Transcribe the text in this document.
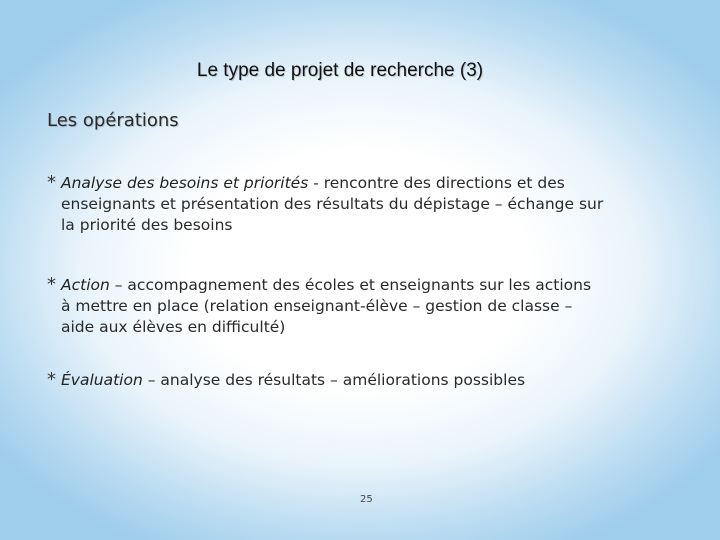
Le type de projet de recherche (3)
Les opérations
* Analyse des besoins et priorités - rencontre des directions et des
enseignants et présentation des résultats du dépistage – échange sur
la priorité des besoins
* Action – accompagnement des écoles et enseignants sur les actions
à mettre en place (relation enseignant-élève – gestion de classe –
aide aux élèves en difficulté)
* Évaluation – analyse des résultats – améliorations possibles
25
